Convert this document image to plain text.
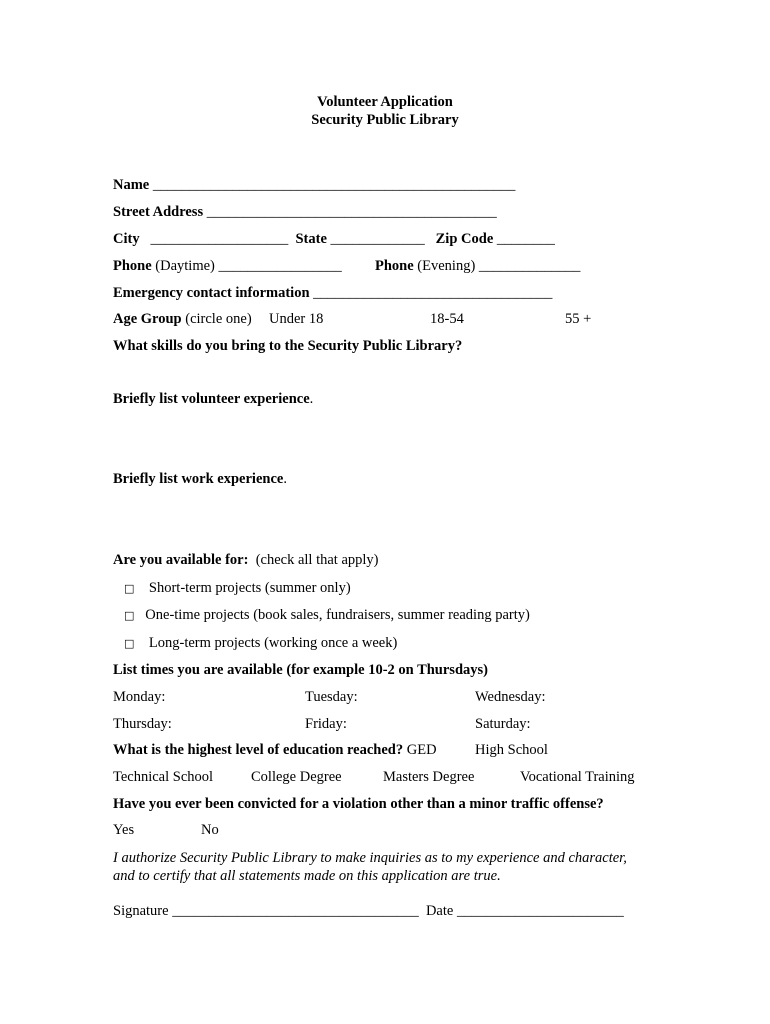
Volunteer Application
Security Public Library
Name __________________________________________________
Street Address ________________________________________
City ___________________ State _____________ Zip Code ________
Phone (Daytime) _________________ Phone (Evening) ______________
Emergency contact information _________________________________
Age Group (circle one) Under 18	18-54	55 +
What skills do you bring to the Security Public Library?
Briefly list volunteer experience.
Briefly list work experience.
Are you available for: (check all that apply)
□ Short-term projects (summer only)
□ One-time projects (book sales, fundraisers, summer reading party)
□ Long-term projects (working once a week)
List times you are available (for example 10-2 on Thursdays)
Monday:	Tuesday:	Wednesday:
Thursday:	Friday:	Saturday:
What is the highest level of education reached? GED	High School
Technical School	College Degree	Masters Degree	Vocational Training
Have you ever been convicted for a violation other than a minor traffic offense?
Yes	No
I authorize Security Public Library to make inquiries as to my experience and character,
and to certify that all statements made on this application are true.
Signature __________________________________ Date _______________________
